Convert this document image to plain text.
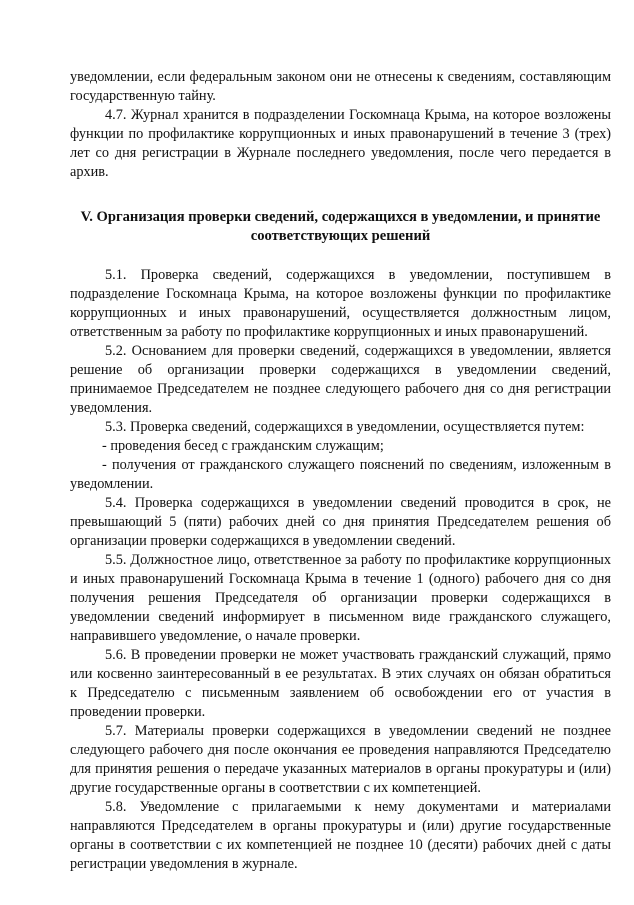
уведомлении, если федеральным законом они не отнесены к сведениям, составляющим государственную тайну.

4.7. Журнал хранится в подразделении Госкомнаца Крыма, на которое возложены функции по профилактике коррупционных и иных правонарушений в течение 3 (трех) лет со дня регистрации в Журнале последнего уведомления, после чего передается в архив.

V. Организация проверки сведений, содержащихся в уведомлении, и принятие соответствующих решений

5.1. Проверка сведений, содержащихся в уведомлении, поступившем в подразделение Госкомнаца Крыма, на которое возложены функции по профилактике коррупционных и иных правонарушений, осуществляется должностным лицом, ответственным за работу по профилактике коррупционных и иных правонарушений.

5.2. Основанием для проверки сведений, содержащихся в уведомлении, является решение об организации проверки содержащихся в уведомлении сведений, принимаемое Председателем не позднее следующего рабочего дня со дня регистрации уведомления.

5.3. Проверка сведений, содержащихся в уведомлении, осуществляется путем:

- проведения бесед с гражданским служащим;

- получения от гражданского служащего пояснений по сведениям, изложенным в уведомлении.

5.4. Проверка содержащихся в уведомлении сведений проводится в срок, не превышающий 5 (пяти) рабочих дней со дня принятия Председателем решения об организации проверки содержащихся в уведомлении сведений.

5.5. Должностное лицо, ответственное за работу по профилактике коррупционных и иных правонарушений Госкомнаца Крыма в течение 1 (одного) рабочего дня со дня получения решения Председателя об организации проверки содержащихся в уведомлении сведений информирует в письменном виде гражданского служащего, направившего уведомление, о начале проверки.

5.6. В проведении проверки не может участвовать гражданский служащий, прямо или косвенно заинтересованный в ее результатах. В этих случаях он обязан обратиться к Председателю с письменным заявлением об освобождении его от участия в проведении проверки.

5.7. Материалы проверки содержащихся в уведомлении сведений не позднее следующего рабочего дня после окончания ее проведения направляются Председателю для принятия решения о передаче указанных материалов в органы прокуратуры и (или) другие государственные органы в соответствии с их компетенцией.

5.8. Уведомление с прилагаемыми к нему документами и материалами направляются Председателем в органы прокуратуры и (или) другие государственные органы в соответствии с их компетенцией не позднее 10 (десяти) рабочих дней с даты регистрации уведомления в журнале.
